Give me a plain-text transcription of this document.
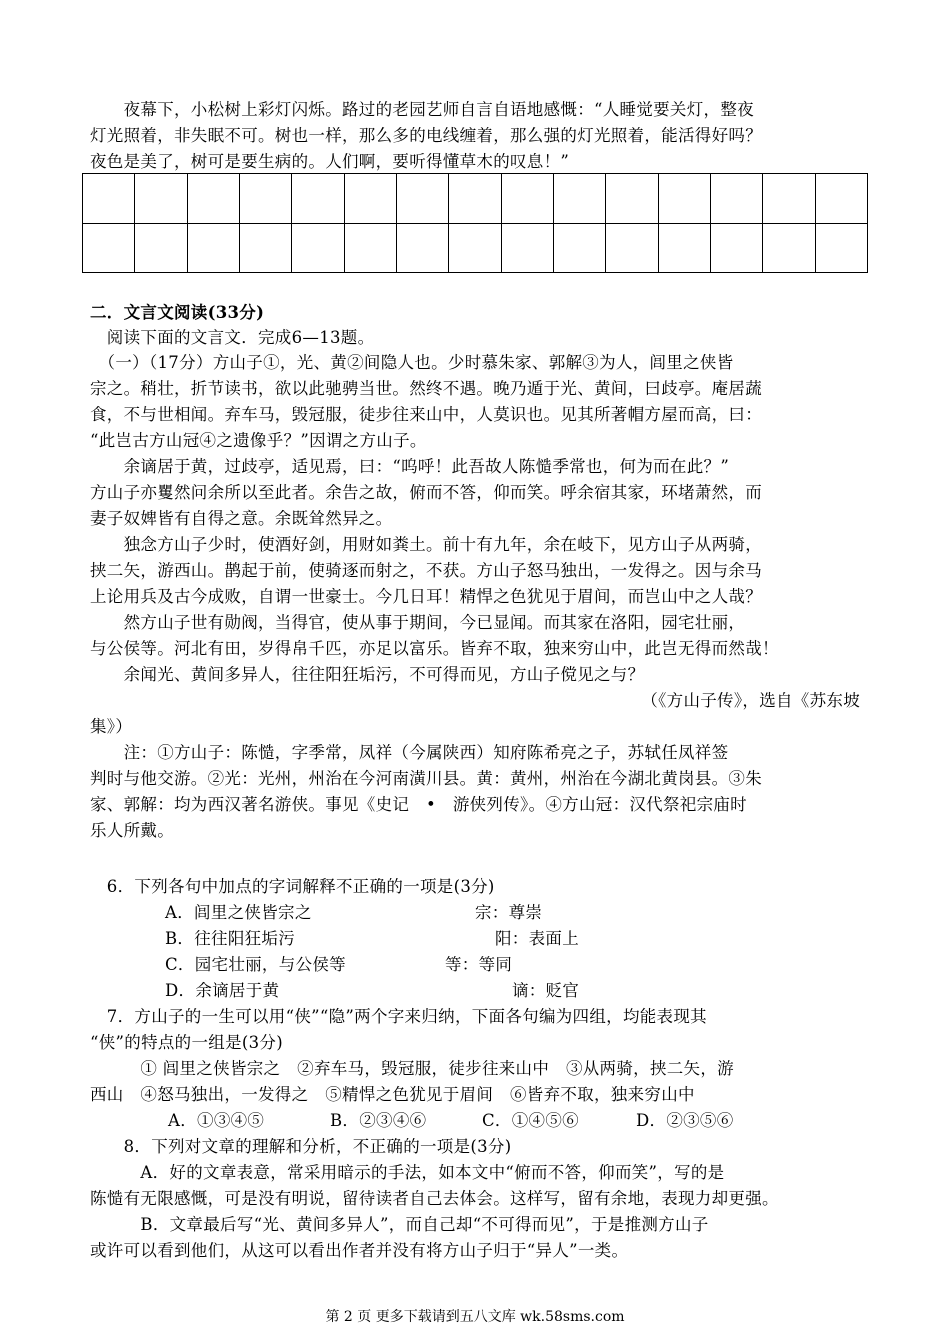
　　夜幕下，小松树上彩灯闪烁。路过的老园艺师自言自语地感慨：“人睡觉要关灯，整夜
灯光照着，非失眠不可。树也一样，那么多的电线缠着，那么强的灯光照着，能活得好吗？
夜色是美了，树可是要生病的。人们啊，要听得懂草木的叹息！”

二．文言文阅读(33分)
　阅读下面的文言文．完成6—13题。
　（一）（17分）方山子①，光、黄②间隐人也。少时慕朱家、郭解③为人，闾里之侠皆
宗之。稍壮，折节读书，欲以此驰骋当世。然终不遇。晚乃遁于光、黄间，曰歧亭。庵居蔬
食，不与世相闻。弃车马，毁冠服，徒步往来山中，人莫识也。见其所著帽方屋而高，曰：
“此岂古方山冠④之遗像乎？”因谓之方山子。
　　余谪居于黄，过歧亭，适见焉，曰：“呜呼！此吾故人陈慥季常也，何为而在此？”
方山子亦矍然问余所以至此者。余告之故，俯而不答，仰而笑。呼余宿其家，环堵萧然，而
妻子奴婢皆有自得之意。余既耸然异之。
　　独念方山子少时，使酒好剑，用财如粪土。前十有九年，余在岐下，见方山子从两骑，
挟二矢，游西山。鹊起于前，使骑逐而射之，不获。方山子怒马独出，一发得之。因与余马
上论用兵及古今成败，自谓一世豪士。今几日耳！精悍之色犹见于眉间，而岂山中之人哉？
　　然方山子世有勋阀，当得官，使从事于期间，今已显闻。而其家在洛阳，园宅壮丽，
与公侯等。河北有田，岁得帛千匹，亦足以富乐。皆弃不取，独来穷山中，此岂无得而然哉！
　　余闻光、黄间多异人，往往阳狂垢污，不可得而见，方山子傥见之与？
（《方山子传》，选自《苏东坡
集》）
　　注：①方山子：陈慥，字季常，凤祥（今属陕西）知府陈希亮之子，苏轼任凤祥签
判时与他交游。②光：光州，州治在今河南潢川县。黄：黄州，州治在今湖北黄岗县。③朱
家、郭解：均为西汉著名游侠。事见《史记　•　游侠列传》。④方山冠：汉代祭祀宗庙时
乐人所戴。
　6．下列各句中加点的字词解释不正确的一项是(3分)
A．闾里之侠皆宗之	宗：尊崇
B．往往阳狂垢污	阳：表面上
C．园宅壮丽，与公侯等	等：等同
D．余谪居于黄	谪：贬官
　7．方山子的一生可以用“侠”“隐”两个字来归纳，下面各句编为四组，均能表现其
“侠”的特点的一组是(3分)
　　　① 闾里之侠皆宗之　②弃车马，毁冠服，徒步往来山中　③从两骑，挟二矢，游
西山　④怒马独出，一发得之　⑤精悍之色犹见于眉间　⑥皆弃不取，独来穷山中
A．①③④⑤	B．②③④⑥	C．①④⑤⑥	D．②③⑤⑥
　　8．下列对文章的理解和分析，不正确的一项是(3分)
　　　A．好的文章表意，常采用暗示的手法，如本文中“俯而不答，仰而笑”，写的是
陈慥有无限感慨，可是没有明说，留待读者自己去体会。这样写，留有余地，表现力却更强。
　　　B．文章最后写“光、黄间多异人”，而自己却“不可得而见”，于是推测方山子
或许可以看到他们，从这可以看出作者并没有将方山子归于“异人”一类。
第 2 页 更多下载请到五八文库 wk.58sms.com
